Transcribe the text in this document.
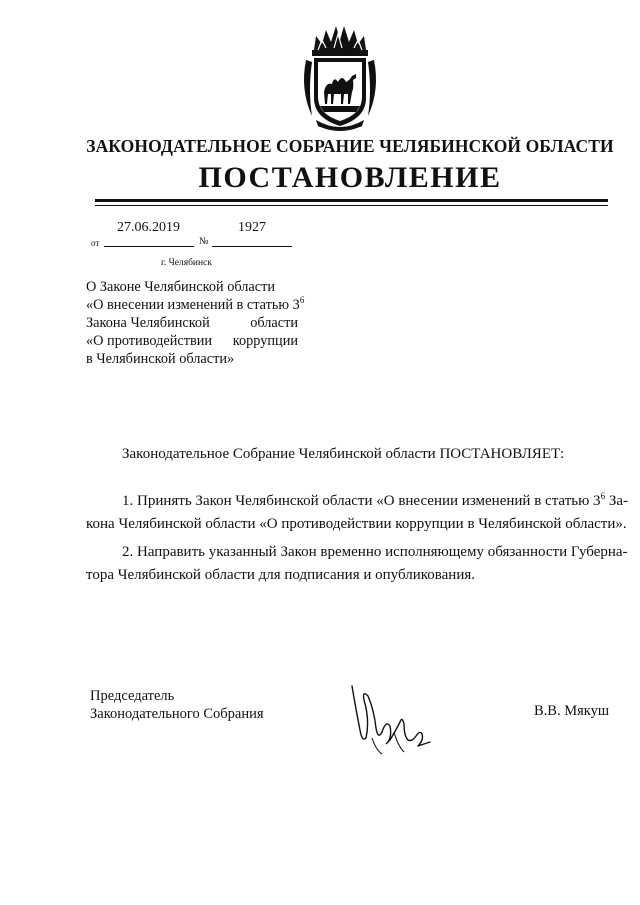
ЗАКОНОДАТЕЛЬНОЕ СОБРАНИЕ ЧЕЛЯБИНСКОЙ ОБЛАСТИ
ПОСТАНОВЛЕНИЕ
27.06.2019	1927
от	№
г. Челябинск
О Законе Челябинской области
«О внесении изменений в статью $3^6$
Закона Челябинской	области
«О противодействии коррупции
в Челябинской области»
Законодательное Собрание Челябинской области ПОСТАНОВЛЯЕТ:
1. Принять Закон Челябинской области «О внесении изменений в статью $3^6$ За-
кона Челябинской области «О противодействии коррупции в Челябинской области».
2. Направить указанный Закон временно исполняющему обязанности Губерна-
тора Челябинской области для подписания и опубликования.
Председатель
Законодательного Собрания	В.В. Мякуш
